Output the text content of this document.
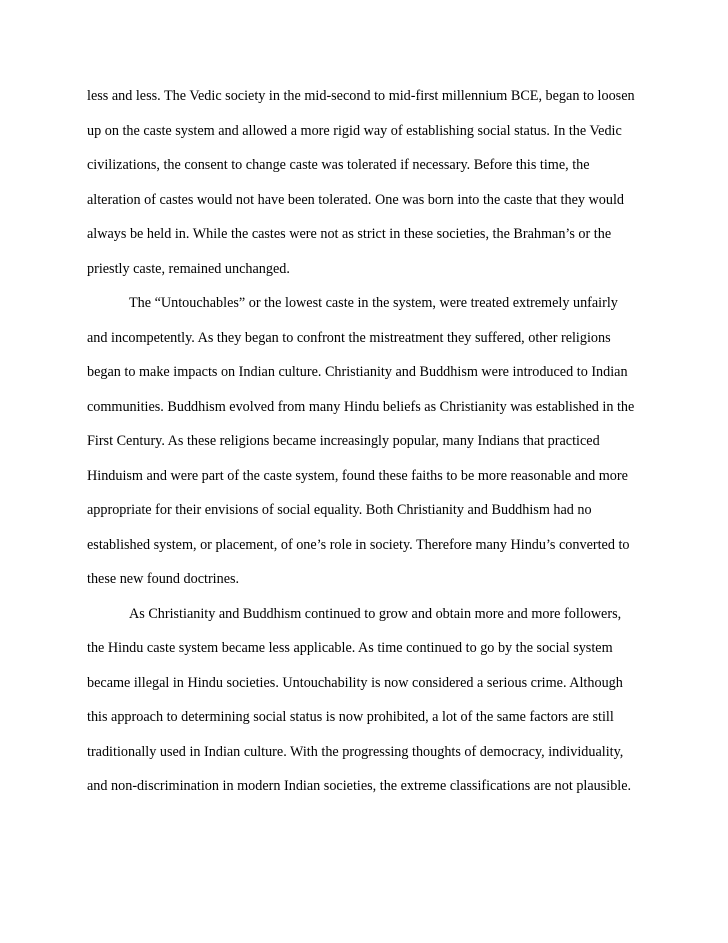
less and less. The Vedic society in the mid-second to mid-first millennium BCE, began to loosen
up on the caste system and allowed a more rigid way of establishing social status. In the Vedic
civilizations, the consent to change caste was tolerated if necessary. Before this time, the
alteration of castes would not have been tolerated. One was born into the caste that they would
always be held in. While the castes were not as strict in these societies, the Brahman’s or the
priestly caste, remained unchanged.
The “Untouchables” or the lowest caste in the system, were treated extremely unfairly
and incompetently. As they began to confront the mistreatment they suffered, other religions
began to make impacts on Indian culture. Christianity and Buddhism were introduced to Indian
communities. Buddhism evolved from many Hindu beliefs as Christianity was established in the
First Century. As these religions became increasingly popular, many Indians that practiced
Hinduism and were part of the caste system, found these faiths to be more reasonable and more
appropriate for their envisions of social equality. Both Christianity and Buddhism had no
established system, or placement, of one’s role in society. Therefore many Hindu’s converted to
these new found doctrines.
As Christianity and Buddhism continued to grow and obtain more and more followers,
the Hindu caste system became less applicable. As time continued to go by the social system
became illegal in Hindu societies. Untouchability is now considered a serious crime. Although
this approach to determining social status is now prohibited, a lot of the same factors are still
traditionally used in Indian culture. With the progressing thoughts of democracy, individuality,
and non-discrimination in modern Indian societies, the extreme classifications are not plausible.
